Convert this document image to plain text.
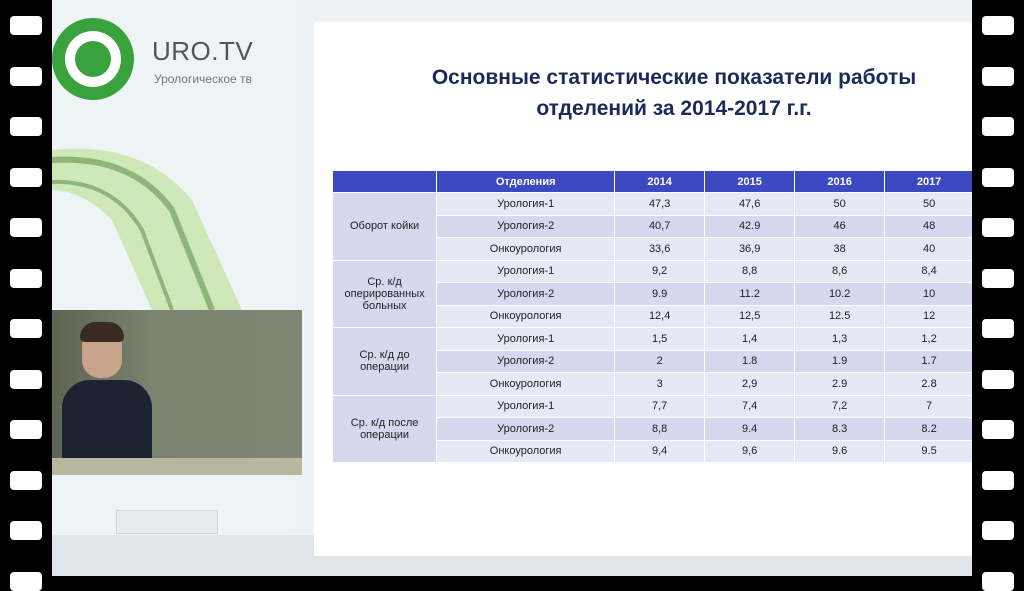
URO.TV
Урологическое тв	Основные статистические показатели работы
отделений за 2014-2017 г.г.
	Отделения	2014	2015	2016	2017
Оборот койки	Урология-1	47,3	47,6	50	50
	Урология-2	40,7	42.9	46	48
	Онкоурология	33,6	36,9	38	40
Ср. к/д оперированных больных	Урология-1	9,2	8,8	8,6	8,4
	Урология-2	9.9	11.2	10.2	10
	Онкоурология	12,4	12,5	12.5	12
Ср. к/д до операции	Урология-1	1,5	1,4	1,3	1,2
	Урология-2	2	1.8	1.9	1.7
	Онкоурология	3	2,9	2.9	2.8
Ср. к/д после операции	Урология-1	7,7	7,4	7,2	7
	Урология-2	8,8	9.4	8.3	8.2
	Онкоурология	9,4	9,6	9.6	9.5
